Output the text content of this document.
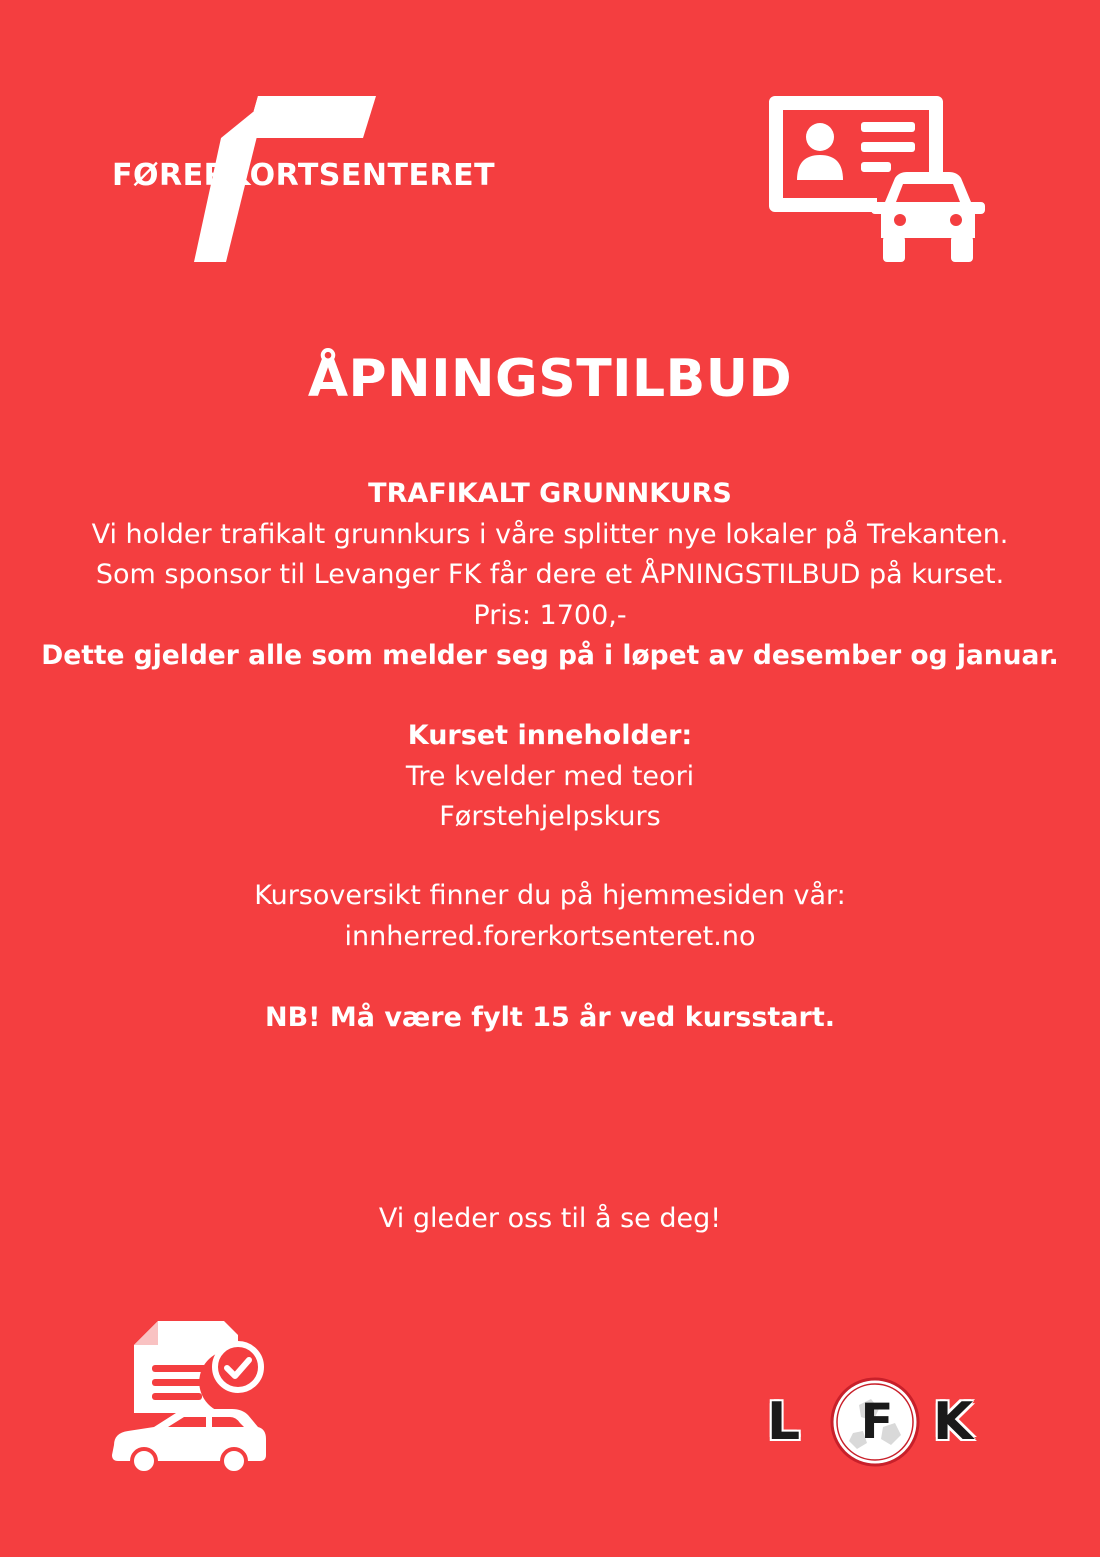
FØRERKORTSENTERET
ÅPNINGSTILBUD
TRAFIKALT GRUNNKURS
Vi holder trafikalt grunnkurs i våre splitter nye lokaler på Trekanten.
Som sponsor til Levanger FK får dere et ÅPNINGSTILBUD på kurset.
Pris: 1700,-
Dette gjelder alle som melder seg på i løpet av desember og januar.
Kurset inneholder:
Tre kvelder med teori
Førstehjelpskurs
Kursoversikt finner du på hjemmesiden vår:
innherred.forerkortsenteret.no
NB! Må være fylt 15 år ved kursstart.
Vi gleder oss til å se deg!
L F K
